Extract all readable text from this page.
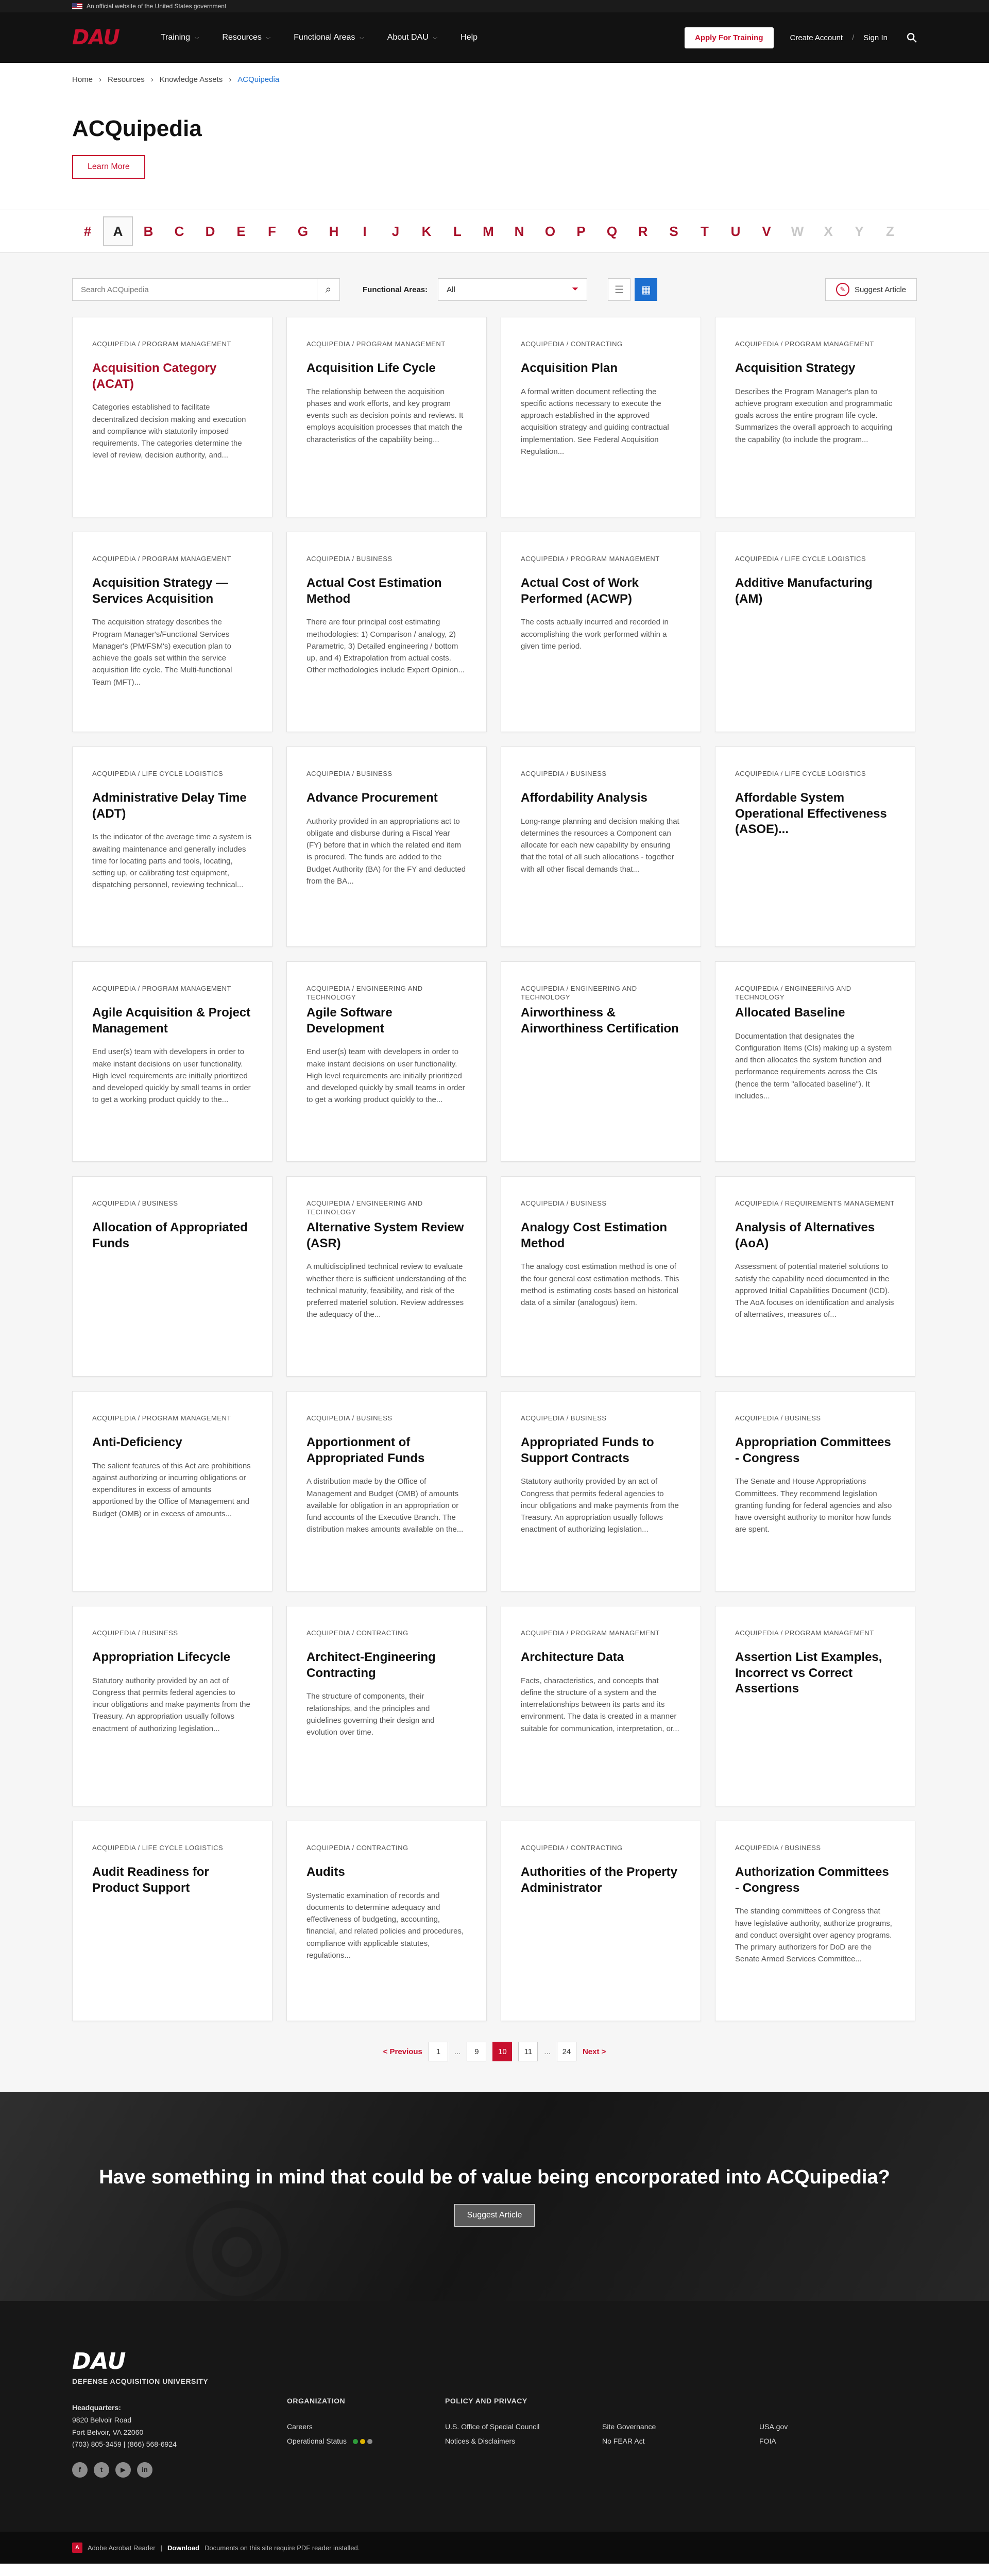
An official website of the United States government
DAU	Training ⌵	Resources ⌵	Functional Areas ⌵	About DAU ⌵	Help	Apply For Training	Create Account / Sign In ⚲
Home › Resources › Knowledge Assets › ACQuipedia
ACQuipedia
Learn More
#	A	B	C	D	E	F	G	H	I	J	K	L	M	N	O	P	Q	R	S	T	U	V	W	X	Y	Z
Search ACQuipedia
⌕	Functional Areas: All	⏷	☰	▦	✎	Suggest Article
ACQUIPEDIA / PROGRAM MANAGEMENT
Acquisition Category (ACAT)

Categories established to facilitate decentralized decision making and execution and compliance with statutorily imposed requirements. The categories determine the level of review, decision authority, and...

ACQUIPEDIA / PROGRAM MANAGEMENT
Acquisition Life Cycle

The relationship between the acquisition phases and work efforts, and key program events such as decision points and reviews. It employs acquisition processes that match the characteristics of the capability being...

ACQUIPEDIA / CONTRACTING
Acquisition Plan

A formal written document reflecting the specific actions necessary to execute the approach established in the approved acquisition strategy and guiding contractual implementation. See Federal Acquisition Regulation...

ACQUIPEDIA / PROGRAM MANAGEMENT
Acquisition Strategy

Describes the Program Manager's plan to achieve program execution and programmatic goals across the entire program life cycle. Summarizes the overall approach to acquiring the capability (to include the program...

ACQUIPEDIA / PROGRAM MANAGEMENT
Acquisition Strategy — Services Acquisition

The acquisition strategy describes the Program Manager's/Functional Services Manager's (PM/FSM's) execution plan to achieve the goals set within the service acquisition life cycle. The Multi-functional Team (MFT)...

ACQUIPEDIA / BUSINESS
Actual Cost Estimation Method

There are four principal cost estimating methodologies: 1) Comparison / analogy, 2) Parametric, 3) Detailed engineering / bottom up, and 4) Extrapolation from actual costs. Other methodologies include Expert Opinion...

ACQUIPEDIA / PROGRAM MANAGEMENT
Actual Cost of Work Performed (ACWP)

The costs actually incurred and recorded in accomplishing the work performed within a given time period.

ACQUIPEDIA / LIFE CYCLE LOGISTICS
Additive Manufacturing (AM)
ACQUIPEDIA / LIFE CYCLE LOGISTICS
Administrative Delay Time (ADT)

Is the indicator of the average time a system is awaiting maintenance and generally includes time for locating parts and tools, locating, setting up, or calibrating test equipment, dispatching personnel, reviewing technical...

ACQUIPEDIA / BUSINESS
Advance Procurement

Authority provided in an appropriations act to obligate and disburse during a Fiscal Year (FY) before that in which the related end item is procured. The funds are added to the Budget Authority (BA) for the FY and deducted from the BA...

ACQUIPEDIA / BUSINESS
Affordability Analysis

Long-range planning and decision making that determines the resources a Component can allocate for each new capability by ensuring that the total of all such allocations - together with all other fiscal demands that...

ACQUIPEDIA / LIFE CYCLE LOGISTICS
Affordable System Operational Effectiveness (ASOE)...
ACQUIPEDIA / PROGRAM MANAGEMENT
Agile Acquisition & Project Management

End user(s) team with developers in order to make instant decisions on user functionality. High level requirements are initially prioritized and developed quickly by small teams in order to get a working product quickly to the...

ACQUIPEDIA / ENGINEERING AND TECHNOLOGY
Agile Software Development

End user(s) team with developers in order to make instant decisions on user functionality. High level requirements are initially prioritized and developed quickly by small teams in order to get a working product quickly to the...

ACQUIPEDIA / ENGINEERING AND TECHNOLOGY
Airworthiness & Airworthiness Certification
ACQUIPEDIA / ENGINEERING AND TECHNOLOGY
Allocated Baseline

Documentation that designates the Configuration Items (CIs) making up a system and then allocates the system function and performance requirements across the CIs (hence the term "allocated baseline"). It includes...

ACQUIPEDIA / BUSINESS
Allocation of Appropriated Funds
ACQUIPEDIA / ENGINEERING AND TECHNOLOGY
Alternative System Review (ASR)

A multidisciplined technical review to evaluate whether there is sufficient understanding of the technical maturity, feasibility, and risk of the preferred materiel solution. Review addresses the adequacy of the...

ACQUIPEDIA / BUSINESS
Analogy Cost Estimation Method

The analogy cost estimation method is one of the four general cost estimation methods. This method is estimating costs based on historical data of a similar (analogous) item.

ACQUIPEDIA / REQUIREMENTS MANAGEMENT
Analysis of Alternatives (AoA)

Assessment of potential materiel solutions to satisfy the capability need documented in the approved Initial Capabilities Document (ICD). The AoA focuses on identification and analysis of alternatives, measures of...

ACQUIPEDIA / PROGRAM MANAGEMENT
Anti-Deficiency

The salient features of this Act are prohibitions against authorizing or incurring obligations or expenditures in excess of amounts apportioned by the Office of Management and Budget (OMB) or in excess of amounts...

ACQUIPEDIA / BUSINESS
Apportionment of Appropriated Funds

A distribution made by the Office of Management and Budget (OMB) of amounts available for obligation in an appropriation or fund accounts of the Executive Branch. The distribution makes amounts available on the...

ACQUIPEDIA / BUSINESS
Appropriated Funds to Support Contracts

Statutory authority provided by an act of Congress that permits federal agencies to incur obligations and make payments from the Treasury. An appropriation usually follows enactment of authorizing legislation...

ACQUIPEDIA / BUSINESS
Appropriation Committees - Congress

The Senate and House Appropriations Committees. They recommend legislation granting funding for federal agencies and also have oversight authority to monitor how funds are spent.

ACQUIPEDIA / BUSINESS
Appropriation Lifecycle

Statutory authority provided by an act of Congress that permits federal agencies to incur obligations and make payments from the Treasury. An appropriation usually follows enactment of authorizing legislation...

ACQUIPEDIA / CONTRACTING
Architect-Engineering Contracting

The structure of components, their relationships, and the principles and guidelines governing their design and evolution over time.

ACQUIPEDIA / PROGRAM MANAGEMENT
Architecture Data

Facts, characteristics, and concepts that define the structure of a system and the interrelationships between its parts and its environment. The data is created in a manner suitable for communication, interpretation, or...

ACQUIPEDIA / PROGRAM MANAGEMENT
Assertion List Examples, Incorrect vs Correct Assertions
ACQUIPEDIA / LIFE CYCLE LOGISTICS
Audit Readiness for Product Support
ACQUIPEDIA / CONTRACTING
Audits

Systematic examination of records and documents to determine adequacy and effectiveness of budgeting, accounting, financial, and related policies and procedures, compliance with applicable statutes, regulations...

ACQUIPEDIA / CONTRACTING
Authorities of the Property Administrator
ACQUIPEDIA / BUSINESS
Authorization Committees - Congress

The standing committees of Congress that have legislative authority, authorize programs, and conduct oversight over agency programs. The primary authorizers for DoD are the Senate Armed Services Committee...

< Previous	1	...	9	10	11	...	24	Next >
Have something in mind that could be of value being encorporated into ACQuipedia?
Suggest Article
DAU
DEFENSE ACQUISITION UNIVERSITY
Headquarters:
9820 Belvoir Road
Fort Belvoir, VA 22060
(703) 805-3459 | (866) 568-6924
f	t	▶	in
ORGANIZATION
Careers
Operational Status
POLICY AND PRIVACY
U.S. Office of Special Council	Site Governance	USA.gov
Notices & Disclaimers	No FEAR Act	FOIA
A	Adobe Acrobat Reader | Download Documents on this site require PDF reader installed.
